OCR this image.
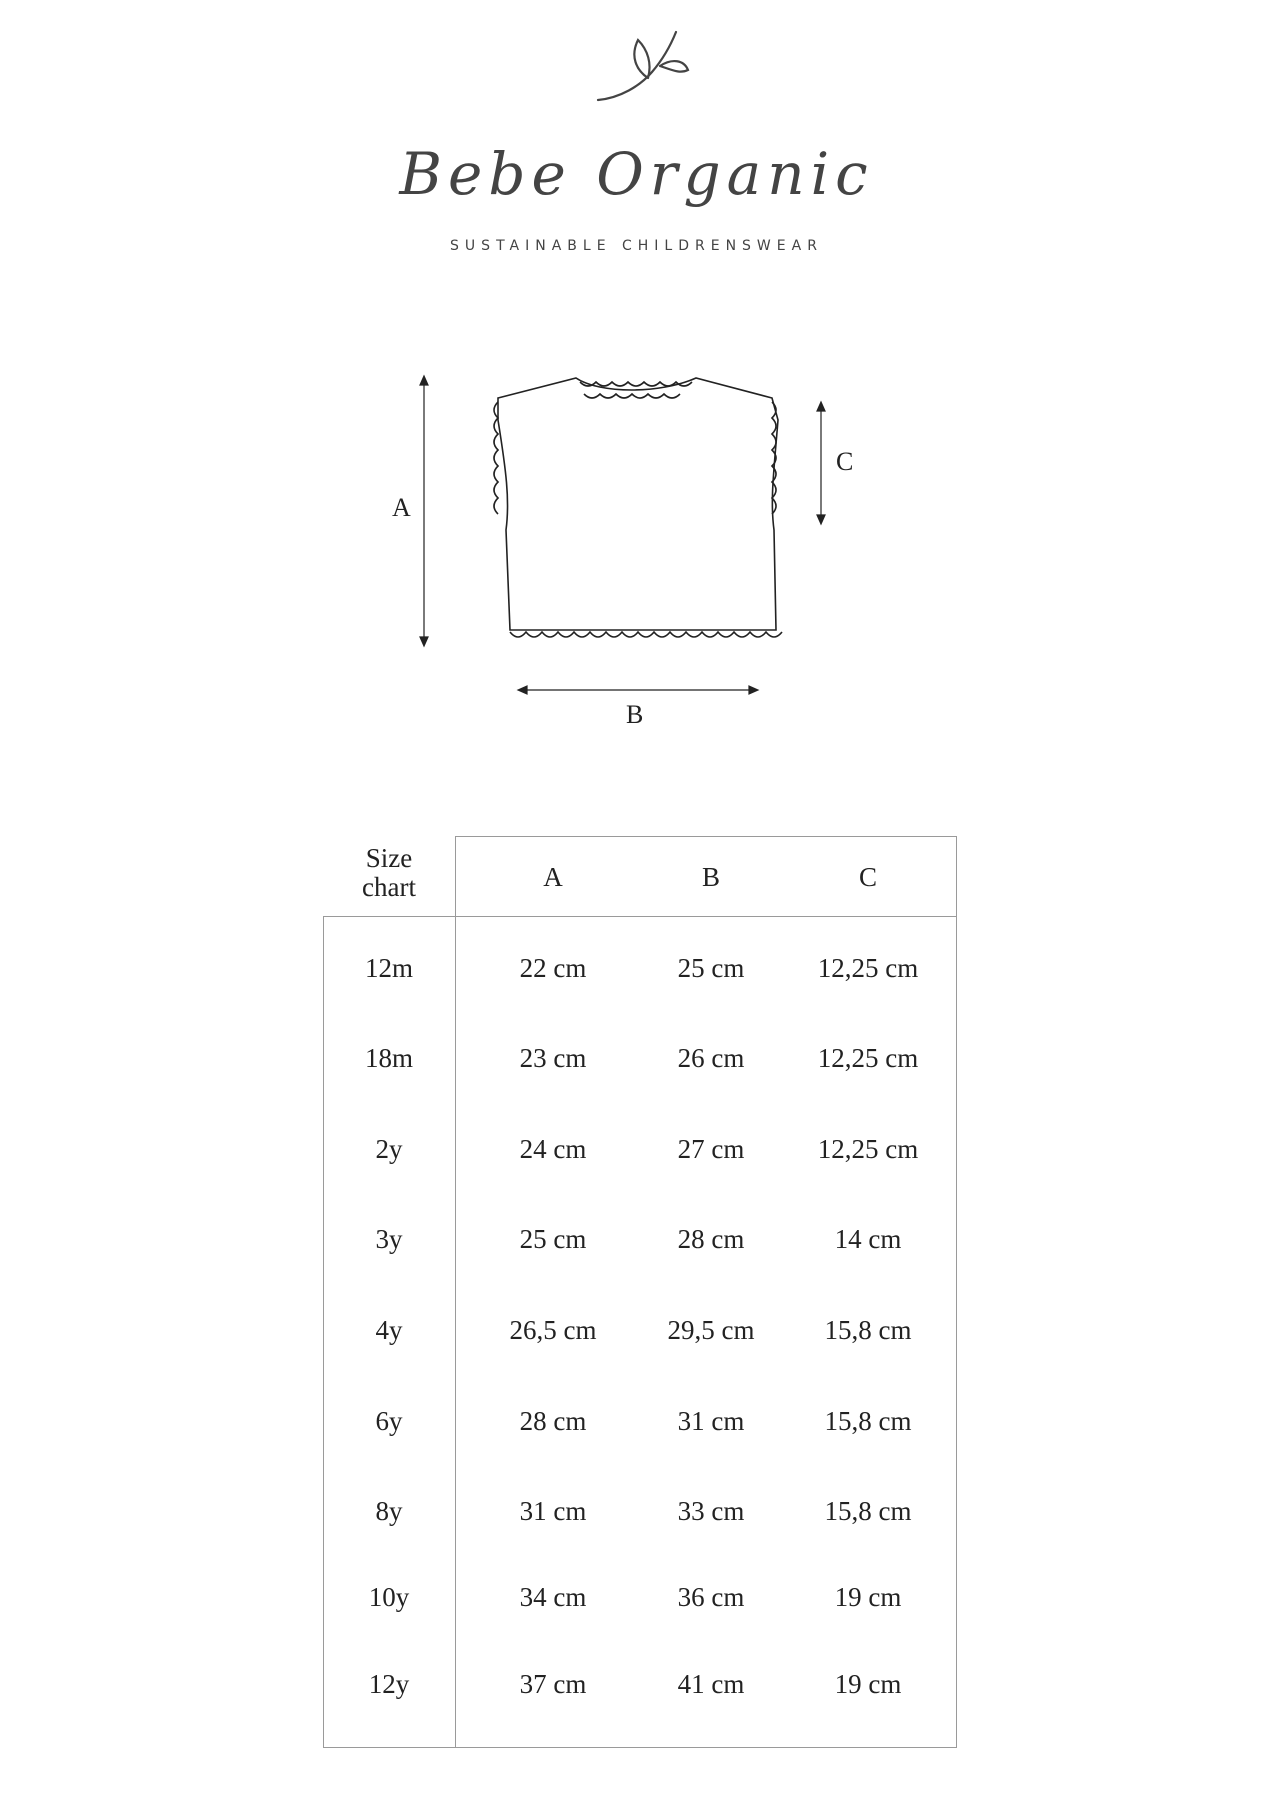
Bebe Organic
SUSTAINABLE CHILDRENSWEAR
A
C
B
Size
chart	A	B	C
12m	22 cm	25 cm	12,25 cm
18m	23 cm	26 cm	12,25 cm
2y	24 cm	27 cm	12,25 cm
3y	25 cm	28 cm	14 cm
4y	26,5 cm	29,5 cm	15,8 cm
6y	28 cm	31 cm	15,8 cm
8y	31 cm	33 cm	15,8 cm
10y	34 cm	36 cm	19 cm
12y	37 cm	41 cm	19 cm
